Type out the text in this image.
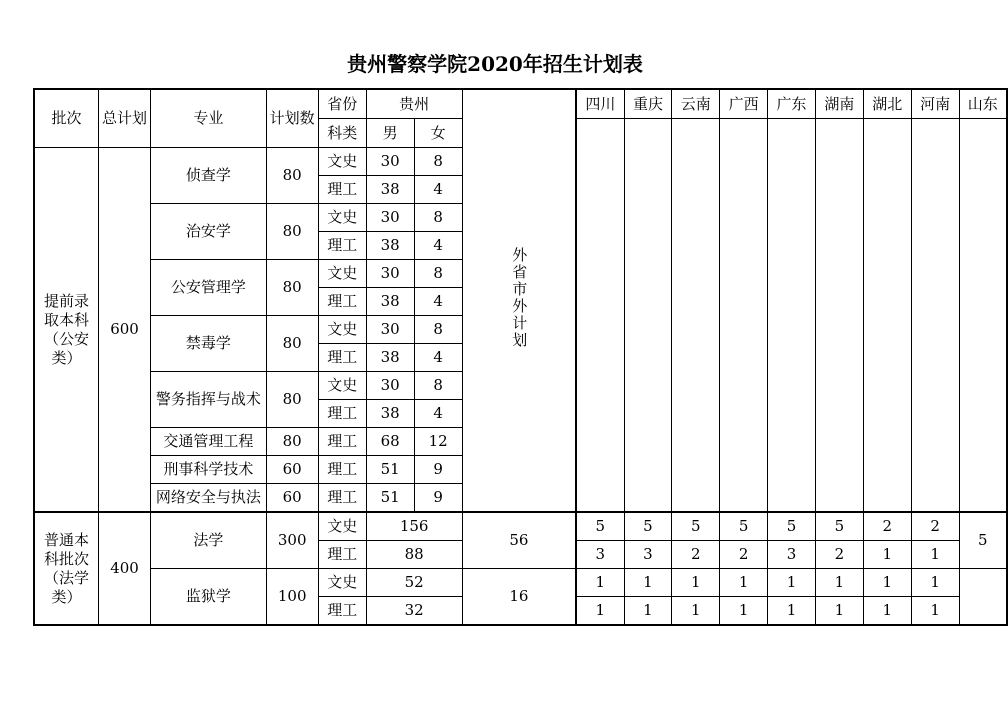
贵州警察学院2020年招生计划表
批次	总计划	专业	计划数	省份	贵州		外省市外计划	四川	重庆	云南	广西	广东	湖南	湖北	河南	山东
				科类	男	女										
提前录取本科（公安类）	600	侦查学	80	文史	30	8										
				理工	38	4										
		治安学	80	文史	30	8										
				理工	38	4										
		公安管理学	80	文史	30	8										
				理工	38	4										
		禁毒学	80	文史	30	8										
				理工	38	4										
		警务指挥与战术	80	文史	30	8										
				理工	38	4										
		交通管理工程	80	理工	68	12										
		刑事科学技术	60	理工	51	9										
		网络安全与执法	60	理工	51	9										
普通本科批次（法学类）	400	法学	300	文史	156		56	5	5	5	5	5	5	2	2	5
				理工	88			3	3	2	2	3	2	1	1	
		监狱学	100	文史	52		16	1	1	1	1	1	1	1	1	
				理工	32			1	1	1	1	1	1	1	1	
